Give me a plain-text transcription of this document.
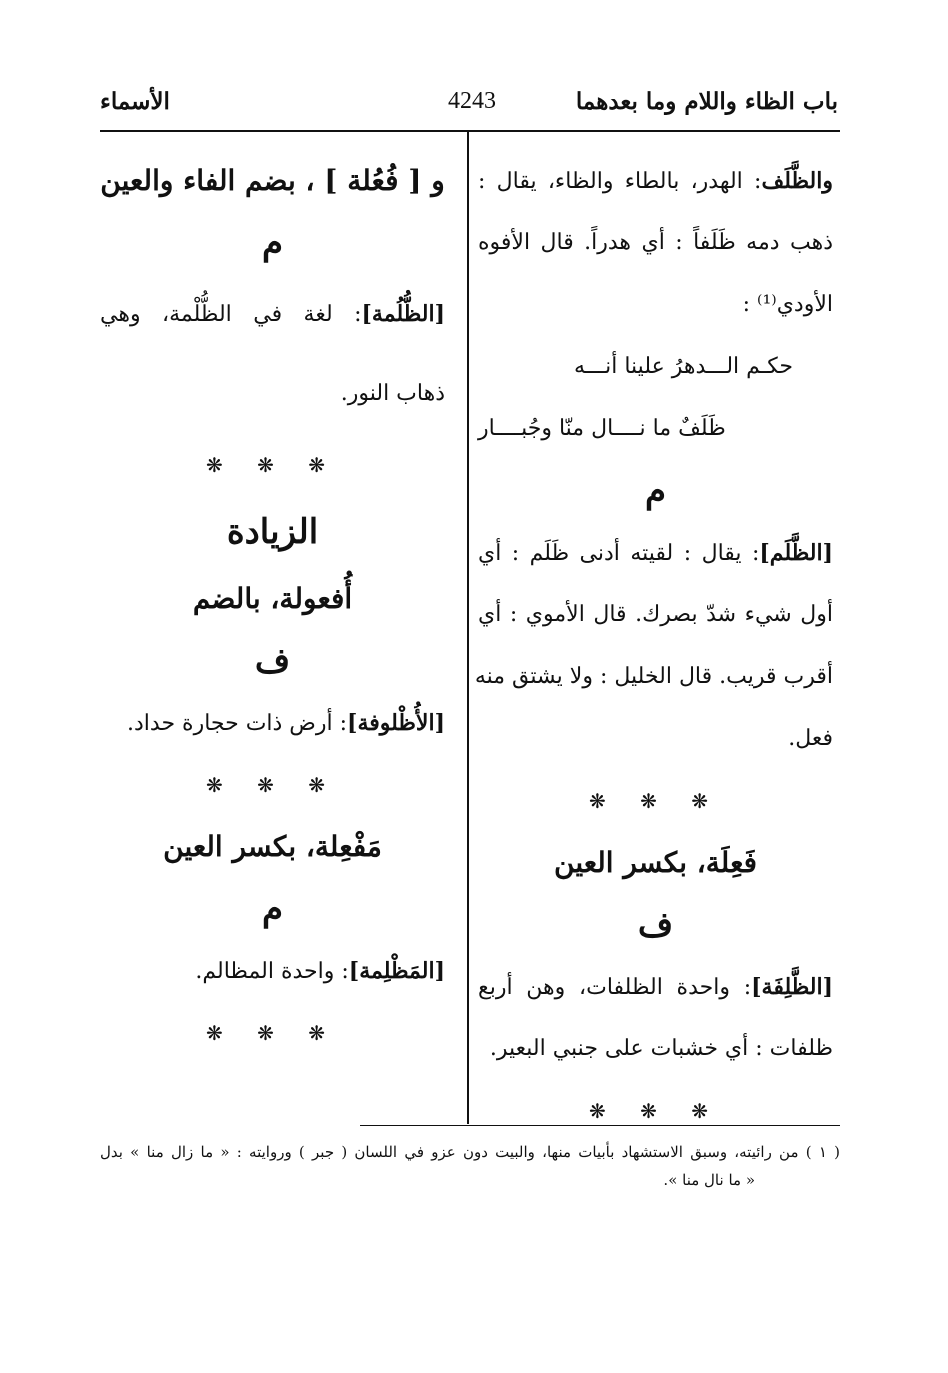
باب الظاء واللام وما بعدهما
4243
الأسماء
والظَّلَف: الهدر، بالطاء والظاء، يقال :
ذهب دمه ظَلَفاً : أي هدراً. قال الأفوه
الأودي⁽¹⁾ :
حكـم الـــدهرُ علينا أنـــه
ظَلَفٌ ما نــــال منّا وجُبــــار
م
[الظَّلَم]: يقال : لقيته أدنى ظَلَم : أي
أول شيء شدّ بصرك. قال الأموي : أي
أقرب قريب. قال الخليل : ولا يشتق منه
فعل.
❋ ❋ ❋
فَعِلَة، بكسر العين
ف
[الظَّلِفَة]: واحدة الظلفات، وهن أربع
ظلفات : أي خشبات على جنبي البعير.
❋ ❋ ❋
و [ فُعُلة ] ، بضم الفاء والعين
م
[الظُّلُمة]: لغة في الظُّلْمة، وهي
ذهاب النور.
❋ ❋ ❋
الزيادة
أُفعولة، بالضم
ف
[الأُظْلوفة]: أرض ذات حجارة حداد.
❋ ❋ ❋
مَفْعِلة، بكسر العين
م
[المَظْلِمة]: واحدة المظالم.
❋ ❋ ❋
( ١ ) من رائيته، وسبق الاستشهاد بأبيات منها، والبيت دون عزو في اللسان ( جبر ) وروايته : « ما زال منا » بدل
« ما نال منا ».
